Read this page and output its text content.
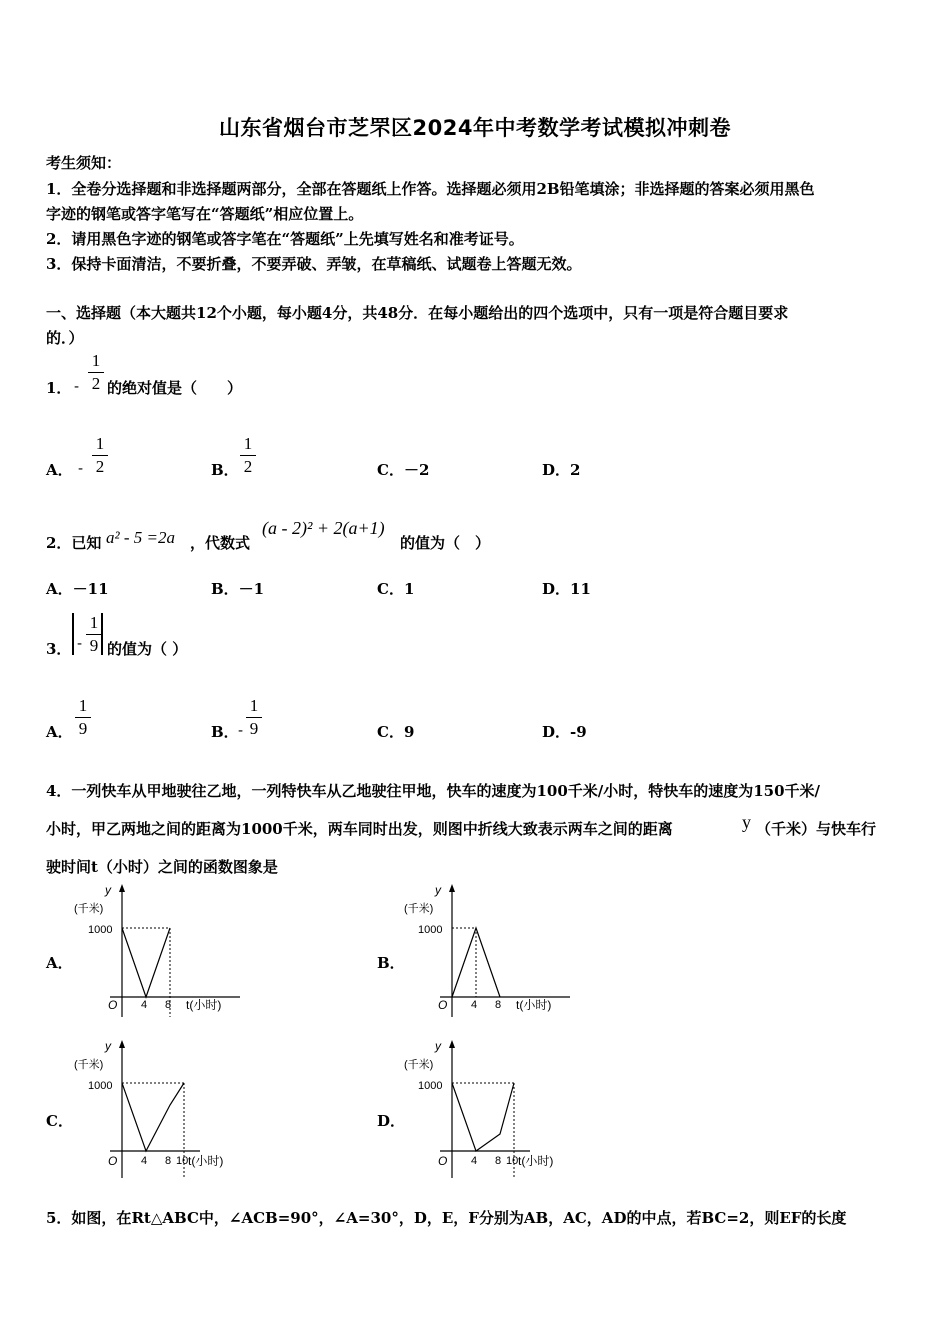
山东省烟台市芝罘区2024年中考数学考试模拟冲刺卷
考生须知：
1．全卷分选择题和非选择题两部分，全部在答题纸上作答。选择题必须用2B铅笔填涂；非选择题的答案必须用黑色
字迹的钢笔或答字笔写在“答题纸”相应位置上。
2．请用黑色字迹的钢笔或答字笔在“答题纸”上先填写姓名和准考证号。
3．保持卡面清洁，不要折叠，不要弄破、弄皱，在草稿纸、试题卷上答题无效。
一、选择题（本大题共12个小题，每小题4分，共48分．在每小题给出的四个选项中，只有一项是符合题目要求
的．）
1． -
1
2 的绝对值是（　　）
A． -
1
2	B．
1
2	C．－2	D．2
2．已知 a² - 5 =2a ，代数式
(a - 2)² + 2(a+1)
的值为（　）
A．－11	B．－1	C．1	D．11
3． -
1
9 的值为（ ）
A．
1
9	B． -
1
9	C．9	D．-9
4．一列快车从甲地驶往乙地，一列特快车从乙地驶往甲地，快车的速度为100千米/小时，特快车的速度为150千米/
小时，甲乙两地之间的距离为1000千米，两车同时出发，则图中折线大致表示两车之间的距离	y （千米）与快车行
驶时间t（小时）之间的函数图象是
A．	B．
C．	D．
y
(千米)
1000
O 4 8 t(小时)
y
(千米)
1000
O 4 8 t(小时)
y
(千米)
1000
O 4 8 10 t(小时)
y
(千米)
1000
O 4 8 10 t(小时)
5．如图，在Rt△ABC中，∠ACB=90°，∠A=30°，D，E，F分别为AB，AC，AD的中点，若BC=2，则EF的长度
